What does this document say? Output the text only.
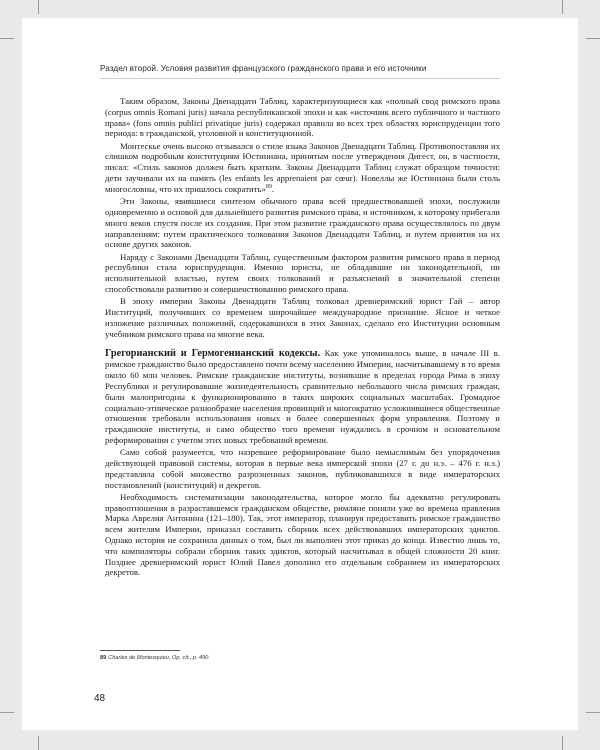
Раздел второй. Условия развития французского гражданского права и его источники

Таким образом, Законы Двенадцати Таблиц, характеризующиеся как «полный свод римского права (corpus omnis Romani juris) начала республиканской эпохи и как «источник всего публичного и частного права» (fons omnis publici privatique juris) содержал правила во всех трех областях юриспруденции того периода: в гражданской, уголовной и конституционной.

Монтескье очень высоко отзывался о стиле языка Законов Двенадцати Таблиц. Противопоставляя их слишком подробным конституциям Юстиниана, принятым после утверждения Дигест, он, в частности, писал: «Стиль законов должен быть кратким. Законы Двенадцати Таблиц служат образцом точности: дети заучивали их на память (les enfants les apprenaient par cœur). Новеллы же Юстиниана были столь многословны, что их пришлось сократить»$^{89}$.

Эти Законы, явившиеся синтезом обычного права всей предшествовавшей эпохи, послужили одновременно и основой для дальнейшего развития римского права, и источником, к которому прибегали много веков спустя после их создания. При этом развитие гражданского права осуществлялось по двум направлениям: путем практического толкования Законов Двенадцати Таблиц, и путем принятия на их основе других законов.

Наряду с Законами Двенадцати Таблиц, существенным фактором развития римского права в период республики стала юриспруденция. Именно юристы, не обладавшие ни законодательной, ни исполнительной властью, путем своих толкований и разъяснений в значительной степени способствовали развитию и совершенствованию римского права.

В эпоху империи Законы Двенадцати Таблиц толковал древнеримский юрист Гай – автор Институций, получивших со временем широчайшее международное признание. Ясное и четкое изложение различных положений, содержавшихся в этих Законах, сделало его Институции основным учебником римского права на многие века.

Грегорианский и Гермогенианский кодексы. Как уже упоминалось выше, в начале III в. римское гражданство было предоставлено почти всему населению Империи, насчитывавшему в то время около 60 млн человек. Римские гражданские институты, возникшие в пределах города Рима в эпоху Республики и регулировавшие жизнедеятельность сравнительно небольшого числа римских граждан, были малопригодны к функционированию в таких широких социальных масштабах. Громадное социально-этническое разнообразие населения провинций и многократно усложнившиеся общественные отношения требовали использования новых и более совершенных форм управления. Поэтому и гражданские институты, и само общество того времени нуждались в срочном и основательном реформировании с учетом этих новых требований времени.

Само собой разумеется, что назревшее реформирование было немыслимым без упорядочения действующей правовой системы, которая в первые века имперской эпохи (27 г. до н.э. – 476 г. н.э.) представляла собой множество разрозненных законов, публиковавшихся в виде императорских постановлений (конституций) и декретов.

Необходимость систематизации законодательства, которое могло бы адекватно регулировать правоотношения в разраставшемся гражданском обществе, римляне поняли уже во времена правления Марка Аврелия Антонина (121–180). Так, этот император, планируя предоставить римское гражданство всем жителям Империи, приказал составить сборник всех действовавших императорских эдиктов. Однако история не сохранила данных о том, был ли выполнен этот приказ до конца. Известно лишь то, что компиляторы собрали сборник таких эдиктов, который насчитывал в общей сложности 20 книг. Позднее древнеримский юрист Юлий Павел дополнил его отдельным собранием из императорских декретов.

89 Charles de Montesquieu, Op. cit., p. 490.
48
